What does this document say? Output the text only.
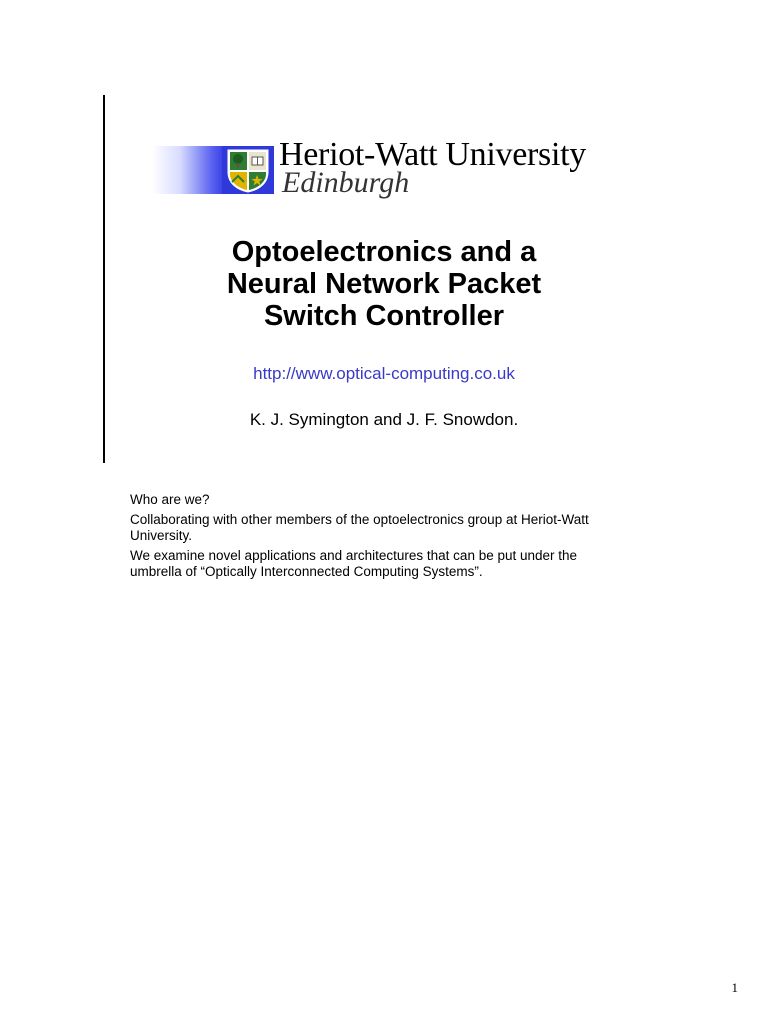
Heriot-Watt University
Edinburgh
Optoelectronics and a
Neural Network Packet
Switch Controller
http://www.optical-computing.co.uk
K. J. Symington and J. F. Snowdon.

Who are we?

Collaborating with other members of the optoelectronics group at Heriot-Watt University.

We examine novel applications and architectures that can be put under the umbrella of “Optically Interconnected Computing Systems”.

1
